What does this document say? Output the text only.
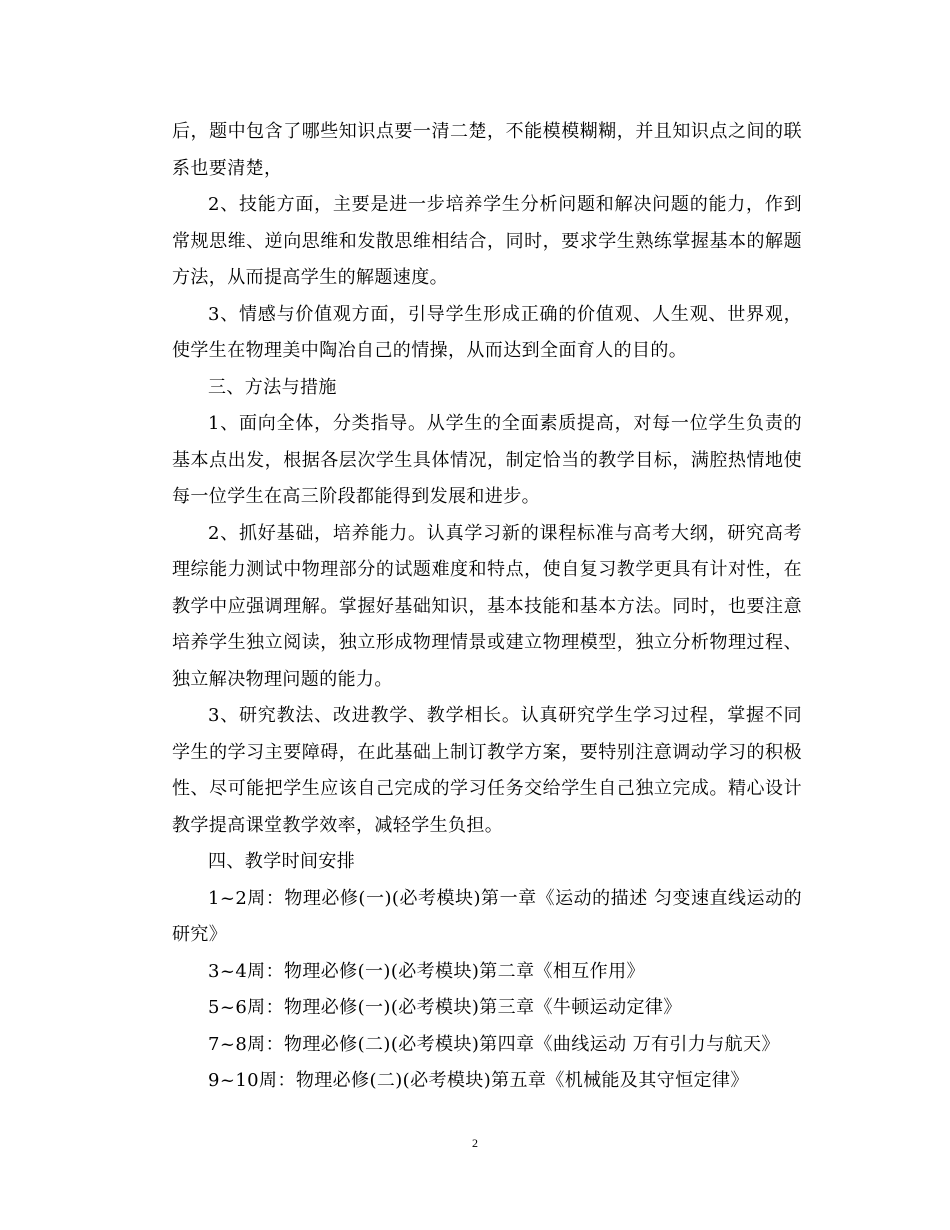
后，题中包含了哪些知识点要一清二楚，不能模模糊糊，并且知识点之间的联系也要清楚，

2、技能方面，主要是进一步培养学生分析问题和解决问题的能力，作到常规思维、逆向思维和发散思维相结合，同时，要求学生熟练掌握基本的解题方法，从而提高学生的解题速度。

3、情感与价值观方面，引导学生形成正确的价值观、人生观、世界观，使学生在物理美中陶冶自己的情操，从而达到全面育人的目的。

三、方法与措施

1、面向全体，分类指导。从学生的全面素质提高，对每一位学生负责的基本点出发，根据各层次学生具体情况，制定恰当的教学目标，满腔热情地使每一位学生在高三阶段都能得到发展和进步。

2、抓好基础，培养能力。认真学习新的课程标准与高考大纲，研究高考理综能力测试中物理部分的试题难度和特点，使自复习教学更具有计对性，在教学中应强调理解。掌握好基础知识，基本技能和基本方法。同时，也要注意培养学生独立阅读，独立形成物理情景或建立物理模型，独立分析物理过程、独立解决物理问题的能力。

3、研究教法、改进教学、教学相长。认真研究学生学习过程，掌握不同学生的学习主要障碍，在此基础上制订教学方案，要特别注意调动学习的积极性、尽可能把学生应该自己完成的学习任务交给学生自己独立完成。精心设计教学提高课堂教学效率，减轻学生负担。

四、教学时间安排

1~2周：物理必修(一)(必考模块)第一章《运动的描述 匀变速直线运动的研究》

3~4周：物理必修(一)(必考模块)第二章《相互作用》

5~6周：物理必修(一)(必考模块)第三章《牛顿运动定律》

7~8周：物理必修(二)(必考模块)第四章《曲线运动 万有引力与航天》

9~10周：物理必修(二)(必考模块)第五章《机械能及其守恒定律》

2
